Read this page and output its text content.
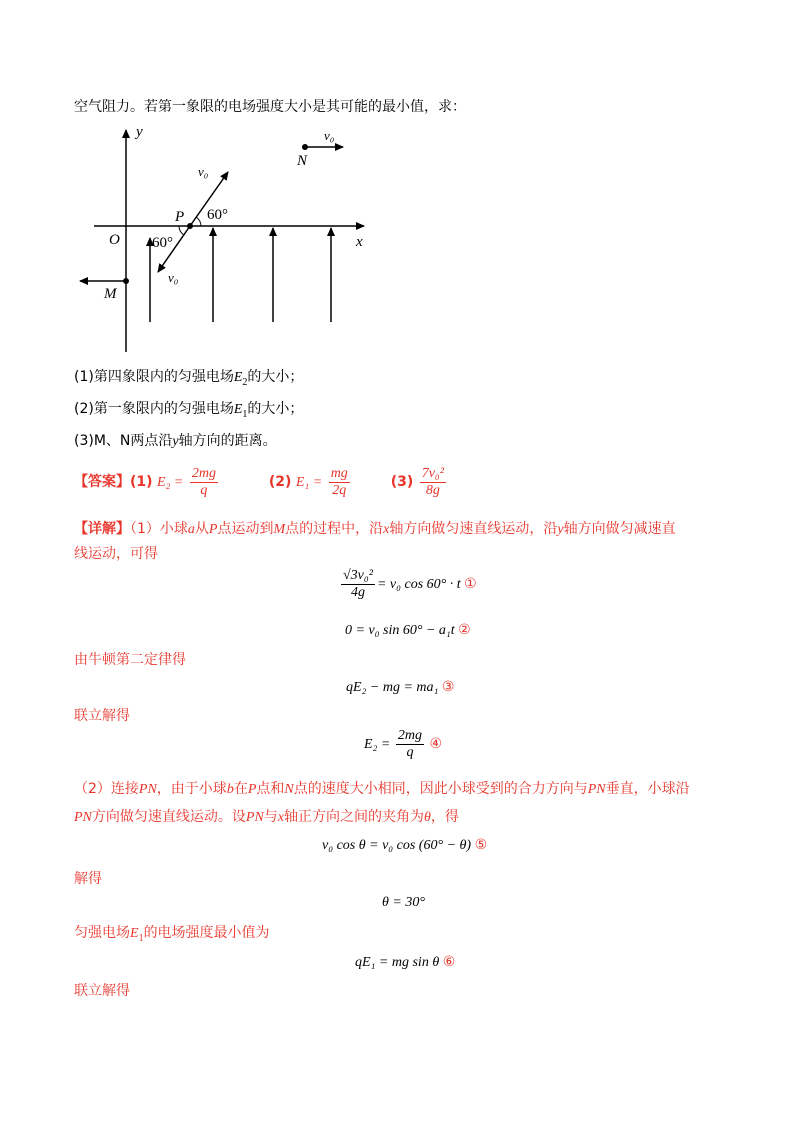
空气阻力。若第一象限的电场强度大小是其可能的最小值，求：
y
x
O
P
M
N
v₀
v₀
v₀
60°
60°
(1)第四象限内的匀强电场$E_2$的大小；
(2)第一象限内的匀强电场$E_1$的大小；
(3)M、N两点沿y轴方向的距离。
【答案】(1) $E_2 = \frac{2mg}{q}$	(2) $E_1 = \frac{mg}{2q}$	$(3) \frac{\text{7v₀²}}{8g}$
【详解】（1）小球a从P点运动到M点的过程中，沿x轴方向做匀速直线运动，沿y轴方向做匀减速直
线运动，可得
$\frac{\text{√3v₀²}}{4g} = v_0$ cos 60° · t ①
0 = v₀ sin 60° − a₁t ②
由牛顿第二定律得
qE₂ − mg = ma₁ ③
联立解得
$E_2 = \frac{2mg}{q}$ ④
（2）连接PN，由于小球b在P点和N点的速度大小相同，因此小球受到的合力方向与PN垂直，小球沿
PN方向做匀速直线运动。设PN与x轴正方向之间的夹角为θ，得
v₀ cos θ = v₀ cos (60° − θ) ⑤
解得
θ = 30°
匀强电场$E_1$的电场强度最小值为
qE₁ = mg sin θ ⑥
联立解得
